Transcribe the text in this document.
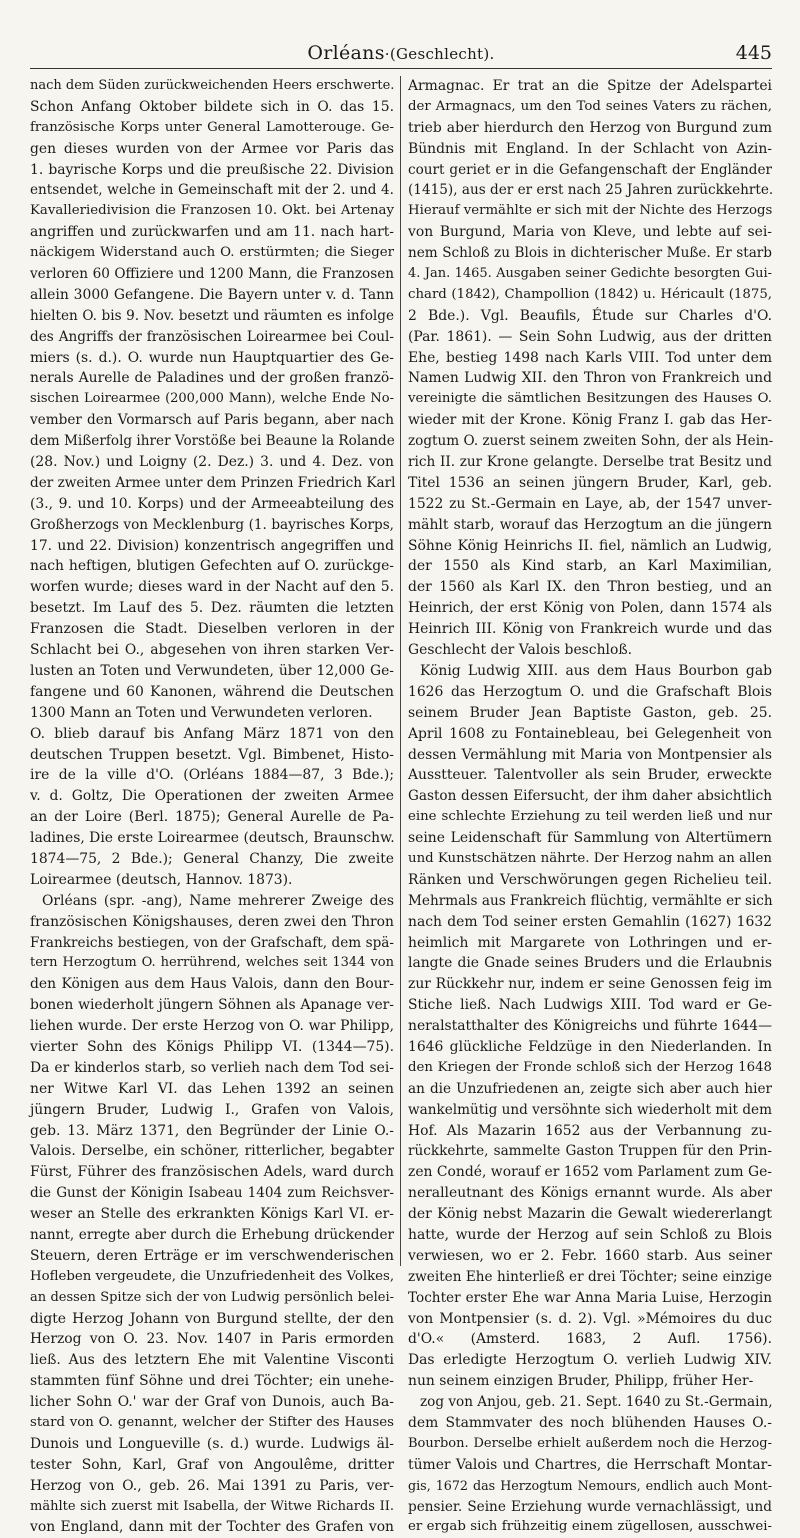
Orléans·(Geschlecht).	445
nach dem Süden zurückweichenden Heers erschwerte.
Schon Anfang Oktober bildete sich in O. das 15.
französische Korps unter General Lamotterouge. Ge-
gen dieses wurden von der Armee vor Paris das
1. bayrische Korps und die preußische 22. Division
entsendet, welche in Gemeinschaft mit der 2. und 4.
Kavalleriedivision die Franzosen 10. Okt. bei Artenay
angriffen und zurückwarfen und am 11. nach hart-
näckigem Widerstand auch O. erstürmten; die Sieger
verloren 60 Offiziere und 1200 Mann, die Franzosen
allein 3000 Gefangene. Die Bayern unter v. d. Tann
hielten O. bis 9. Nov. besetzt und räumten es infolge
des Angriffs der französischen Loirearmee bei Coul-
miers (s. d.). O. wurde nun Hauptquartier des Ge-
nerals Aurelle de Paladines und der großen franzö-
sischen Loirearmee (200,000 Mann), welche Ende No-
vember den Vormarsch auf Paris begann, aber nach
dem Mißerfolg ihrer Vorstöße bei Beaune la Rolande
(28. Nov.) und Loigny (2. Dez.) 3. und 4. Dez. von
der zweiten Armee unter dem Prinzen Friedrich Karl
(3., 9. und 10. Korps) und der Armeeabteilung des
Großherzogs von Mecklenburg (1. bayrisches Korps,
17. und 22. Division) konzentrisch angegriffen und
nach heftigen, blutigen Gefechten auf O. zurückge-
worfen wurde; dieses ward in der Nacht auf den 5.
besetzt. Im Lauf des 5. Dez. räumten die letzten
Franzosen die Stadt. Dieselben verloren in der
Schlacht bei O., abgesehen von ihren starken Ver-
lusten an Toten und Verwundeten, über 12,000 Ge-
fangene und 60 Kanonen, während die Deutschen
1300 Mann an Toten und Verwundeten verloren.
O. blieb darauf bis Anfang März 1871 von den
deutschen Truppen besetzt. Vgl. Bimbenet, Histo-
ire de la ville d'O. (Orléans 1884—87, 3 Bde.);
v. d. Goltz, Die Operationen der zweiten Armee
an der Loire (Berl. 1875); General Aurelle de Pa-
ladines, Die erste Loirearmee (deutsch, Braunschw.
1874—75, 2 Bde.); General Chanzy, Die zweite
Loirearmee (deutsch, Hannov. 1873).
Orléans (spr. -ang), Name mehrerer Zweige des
französischen Königshauses, deren zwei den Thron
Frankreichs bestiegen, von der Grafschaft, dem spä-
tern Herzogtum O. herrührend, welches seit 1344 von
den Königen aus dem Haus Valois, dann den Bour-
bonen wiederholt jüngern Söhnen als Apanage ver-
liehen wurde. Der erste Herzog von O. war Philipp,
vierter Sohn des Königs Philipp VI. (1344—75).
Da er kinderlos starb, so verlieh nach dem Tod sei-
ner Witwe Karl VI. das Lehen 1392 an seinen
jüngern Bruder, Ludwig I., Grafen von Valois,
geb. 13. März 1371, den Begründer der Linie O.-
Valois. Derselbe, ein schöner, ritterlicher, begabter
Fürst, Führer des französischen Adels, ward durch
die Gunst der Königin Isabeau 1404 zum Reichsver-
weser an Stelle des erkrankten Königs Karl VI. er-
nannt, erregte aber durch die Erhebung drückender
Steuern, deren Erträge er im verschwenderischen
Hofleben vergeudete, die Unzufriedenheit des Volkes,
an dessen Spitze sich der von Ludwig persönlich belei-
digte Herzog Johann von Burgund stellte, der den
Herzog von O. 23. Nov. 1407 in Paris ermorden
ließ. Aus des letztern Ehe mit Valentine Visconti
stammten fünf Söhne und drei Töchter; ein unehe-
licher Sohn O.' war der Graf von Dunois, auch Ba-
stard von O. genannt, welcher der Stifter des Hauses
Dunois und Longueville (s. d.) wurde. Ludwigs äl-
tester Sohn, Karl, Graf von Angoulême, dritter
Herzog von O., geb. 26. Mai 1391 zu Paris, ver-
mählte sich zuerst mit Isabella, der Witwe Richards II.
von England, dann mit der Tochter des Grafen von
Armagnac. Er trat an die Spitze der Adelspartei
der Armagnacs, um den Tod seines Vaters zu rächen,
trieb aber hierdurch den Herzog von Burgund zum
Bündnis mit England. In der Schlacht von Azin-
court geriet er in die Gefangenschaft der Engländer
(1415), aus der er erst nach 25 Jahren zurückkehrte.
Hierauf vermählte er sich mit der Nichte des Herzogs
von Burgund, Maria von Kleve, und lebte auf sei-
nem Schloß zu Blois in dichterischer Muße. Er starb
4. Jan. 1465. Ausgaben seiner Gedichte besorgten Gui-
chard (1842), Champollion (1842) u. Héricault (1875,
2 Bde.). Vgl. Beaufils, Étude sur Charles d'O.
(Par. 1861). — Sein Sohn Ludwig, aus der dritten
Ehe, bestieg 1498 nach Karls VIII. Tod unter dem
Namen Ludwig XII. den Thron von Frankreich und
vereinigte die sämtlichen Besitzungen des Hauses O.
wieder mit der Krone. König Franz I. gab das Her-
zogtum O. zuerst seinem zweiten Sohn, der als Hein-
rich II. zur Krone gelangte. Derselbe trat Besitz und
Titel 1536 an seinen jüngern Bruder, Karl, geb.
1522 zu St.-Germain en Laye, ab, der 1547 unver-
mählt starb, worauf das Herzogtum an die jüngern
Söhne König Heinrichs II. fiel, nämlich an Ludwig,
der 1550 als Kind starb, an Karl Maximilian,
der 1560 als Karl IX. den Thron bestieg, und an
Heinrich, der erst König von Polen, dann 1574 als
Heinrich III. König von Frankreich wurde und das
Geschlecht der Valois beschloß.
König Ludwig XIII. aus dem Haus Bourbon gab
1626 das Herzogtum O. und die Grafschaft Blois
seinem Bruder Jean Baptiste Gaston, geb. 25.
April 1608 zu Fontainebleau, bei Gelegenheit von
dessen Vermählung mit Maria von Montpensier als
Ausstteuer. Talentvoller als sein Bruder, erweckte
Gaston dessen Eifersucht, der ihm daher absichtlich
eine schlechte Erziehung zu teil werden ließ und nur
seine Leidenschaft für Sammlung von Altertümern
und Kunstschätzen nährte. Der Herzog nahm an allen
Ränken und Verschwörungen gegen Richelieu teil.
Mehrmals aus Frankreich flüchtig, vermählte er sich
nach dem Tod seiner ersten Gemahlin (1627) 1632
heimlich mit Margarete von Lothringen und er-
langte die Gnade seines Bruders und die Erlaubnis
zur Rückkehr nur, indem er seine Genossen feig im
Stiche ließ. Nach Ludwigs XIII. Tod ward er Ge-
neralstatthalter des Königreichs und führte 1644—
1646 glückliche Feldzüge in den Niederlanden. In
den Kriegen der Fronde schloß sich der Herzog 1648
an die Unzufriedenen an, zeigte sich aber auch hier
wankelmütig und versöhnte sich wiederholt mit dem
Hof. Als Mazarin 1652 aus der Verbannung zu-
rückkehrte, sammelte Gaston Truppen für den Prin-
zen Condé, worauf er 1652 vom Parlament zum Ge-
neralleutnant des Königs ernannt wurde. Als aber
der König nebst Mazarin die Gewalt wiedererlangt
hatte, wurde der Herzog auf sein Schloß zu Blois
verwiesen, wo er 2. Febr. 1660 starb. Aus seiner
zweiten Ehe hinterließ er drei Töchter; seine einzige
Tochter erster Ehe war Anna Maria Luise, Herzogin
von Montpensier (s. d. 2). Vgl. »Mémoires du duc
d'O.« (Amsterd. 1683, 2 Aufl. 1756).
Das erledigte Herzogtum O. verlieh Ludwig XIV.
nun seinem einzigen Bruder, Philipp, früher Her-
zog von Anjou, geb. 21. Sept. 1640 zu St.-Germain,
dem Stammvater des noch blühenden Hauses O.-
Bourbon. Derselbe erhielt außerdem noch die Herzog-
tümer Valois und Chartres, die Herrschaft Montar-
gis, 1672 das Herzogtum Nemours, endlich auch Mont-
pensier. Seine Erziehung wurde vernachlässigt, und
er ergab sich frühzeitig einem zügellosen, ausschwei-
